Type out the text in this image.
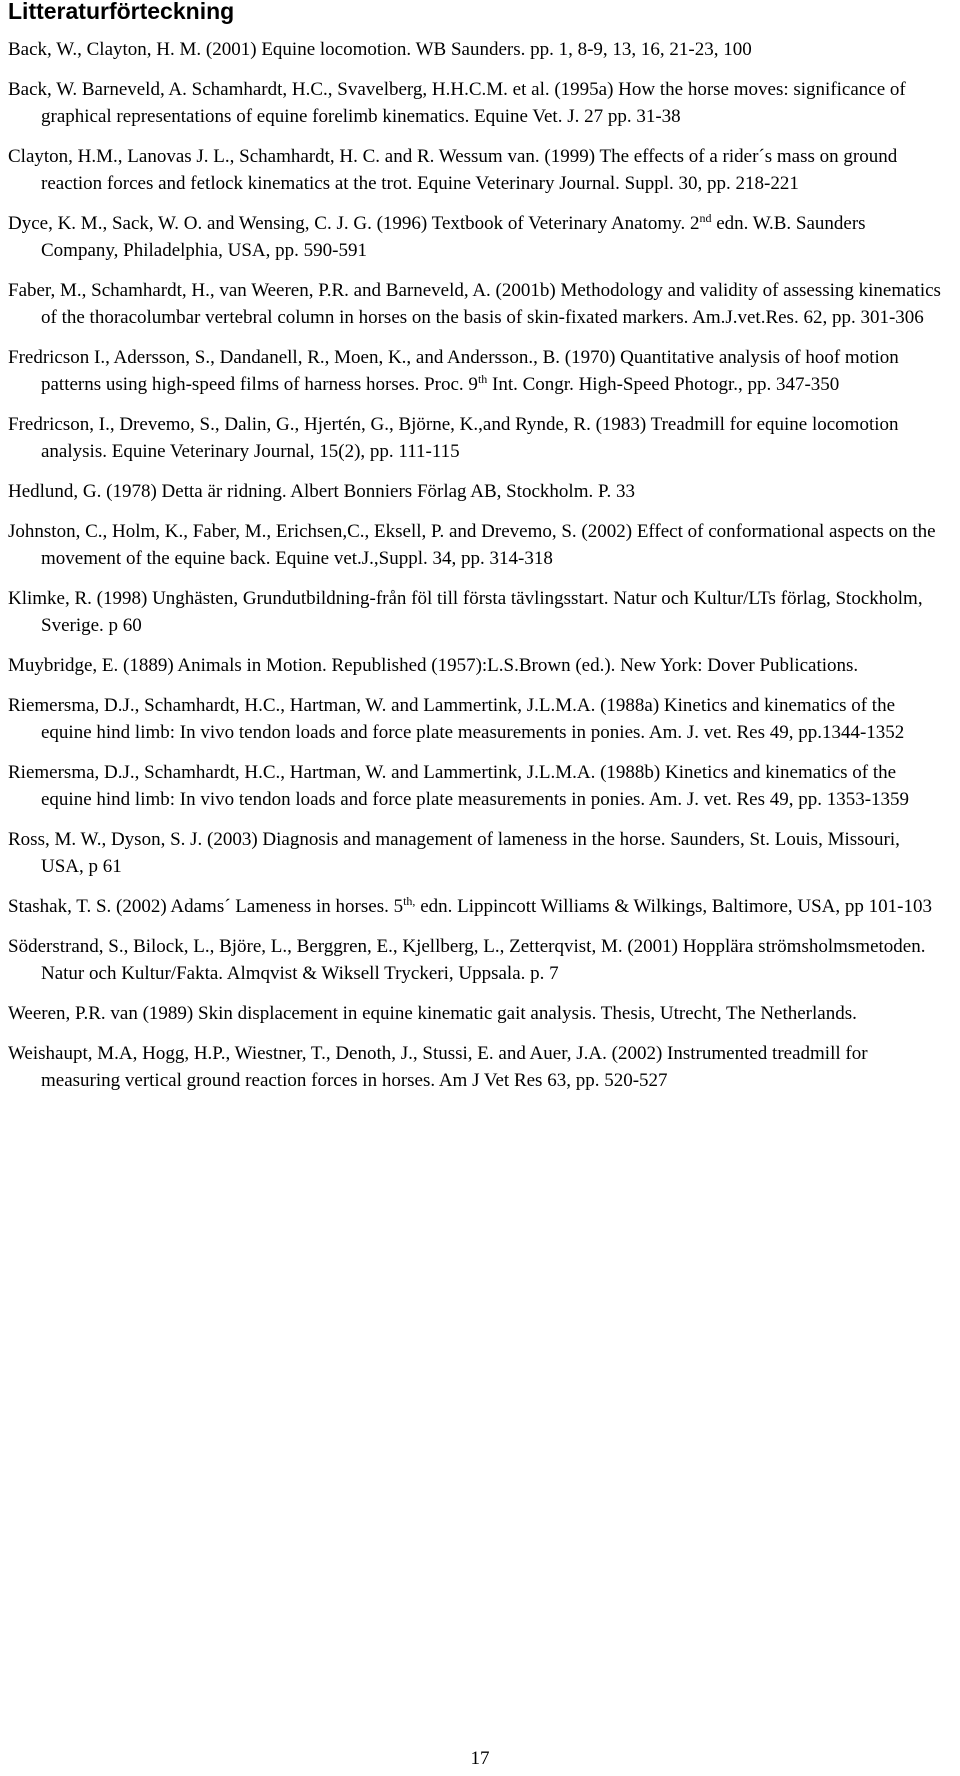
Litteraturförteckning
Back, W., Clayton, H. M. (2001) Equine locomotion. WB Saunders. pp. 1, 8-9, 13, 16, 21-23, 100
Back, W. Barneveld, A. Schamhardt, H.C., Svavelberg, H.H.C.M. et al. (1995a) How the horse moves: significance of graphical representations of equine forelimb kinematics. Equine Vet. J. 27 pp. 31-38
Clayton, H.M., Lanovas J. L., Schamhardt, H. C. and R. Wessum van. (1999) The effects of a rider´s mass on ground reaction forces and fetlock kinematics at the trot. Equine Veterinary Journal. Suppl. 30, pp. 218-221
Dyce, K. M., Sack, W. O. and Wensing, C. J. G. (1996) Textbook of Veterinary Anatomy. 2nd edn. W.B. Saunders Company, Philadelphia, USA, pp. 590-591
Faber, M., Schamhardt, H., van Weeren, P.R. and Barneveld, A. (2001b) Methodology and validity of assessing kinematics of the thoracolumbar vertebral column in horses on the basis of skin-fixated markers. Am.J.vet.Res. 62, pp. 301-306
Fredricson I., Adersson, S., Dandanell, R., Moen, K., and Andersson., B. (1970) Quantitative analysis of hoof motion patterns using high-speed films of harness horses. Proc. 9th Int. Congr. High-Speed Photogr., pp. 347-350
Fredricson, I., Drevemo, S., Dalin, G., Hjertén, G., Björne, K.,and Rynde, R. (1983) Treadmill for equine locomotion analysis. Equine Veterinary Journal, 15(2), pp. 111-115
Hedlund, G. (1978) Detta är ridning. Albert Bonniers Förlag AB, Stockholm. P. 33
Johnston, C., Holm, K., Faber, M., Erichsen,C., Eksell, P. and Drevemo, S. (2002) Effect of conformational aspects on the movement of the equine back. Equine vet.J.,Suppl. 34, pp. 314-318
Klimke, R. (1998) Unghästen, Grundutbildning-från föl till första tävlingsstart. Natur och Kultur/LTs förlag, Stockholm, Sverige. p 60
Muybridge, E. (1889) Animals in Motion. Republished (1957):L.S.Brown (ed.). New York: Dover Publications.
Riemersma, D.J., Schamhardt, H.C., Hartman, W. and Lammertink, J.L.M.A. (1988a) Kinetics and kinematics of the equine hind limb: In vivo tendon loads and force plate measurements in ponies. Am. J. vet. Res 49, pp.1344-1352
Riemersma, D.J., Schamhardt, H.C., Hartman, W. and Lammertink, J.L.M.A. (1988b) Kinetics and kinematics of the equine hind limb: In vivo tendon loads and force plate measurements in ponies. Am. J. vet. Res 49, pp. 1353-1359
Ross, M. W., Dyson, S. J. (2003) Diagnosis and management of lameness in the horse. Saunders, St. Louis, Missouri, USA, p 61
Stashak, T. S. (2002) Adams´ Lameness in horses. $5^{th,}$ edn. Lippincott Williams & Wilkings, Baltimore, USA, pp 101-103
Söderstrand, S., Bilock, L., Björe, L., Berggren, E., Kjellberg, L., Zetterqvist, M. (2001) Hopplära strömsholmsmetoden. Natur och Kultur/Fakta. Almqvist & Wiksell Tryckeri, Uppsala. p. 7
Weeren, P.R. van (1989) Skin displacement in equine kinematic gait analysis. Thesis, Utrecht, The Netherlands.
Weishaupt, M.A, Hogg, H.P., Wiestner, T., Denoth, J., Stussi, E. and Auer, J.A. (2002) Instrumented treadmill for measuring vertical ground reaction forces in horses. Am J Vet Res 63, pp. 520-527
17
